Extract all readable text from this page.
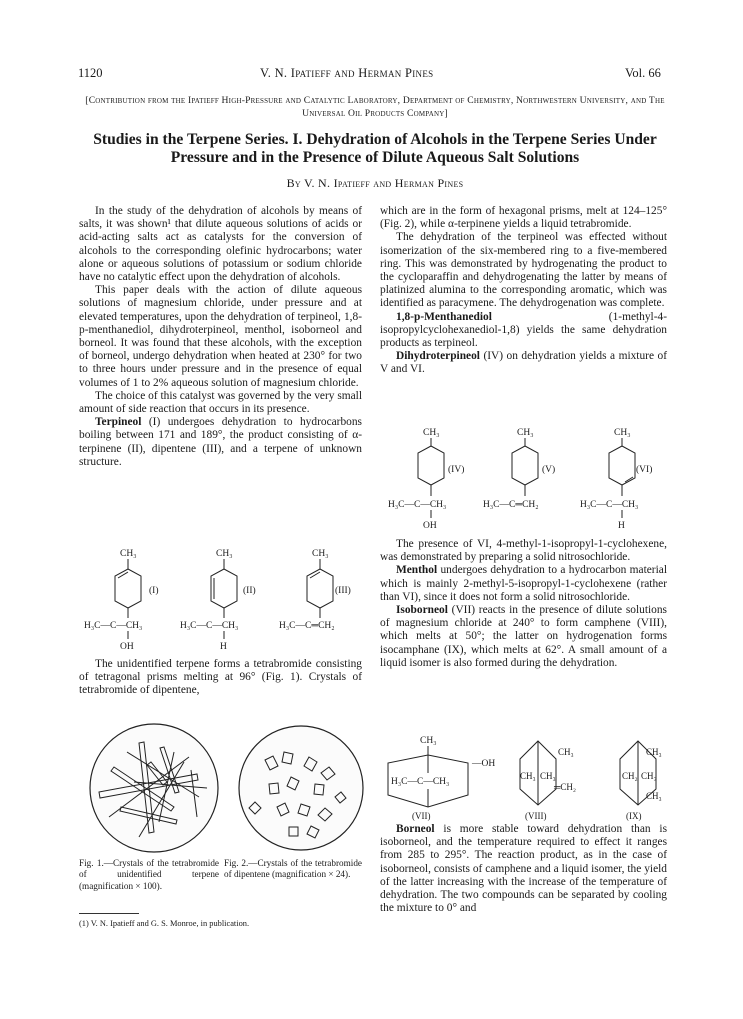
1120	V. N. Ipatieff and Herman Pines	Vol. 66
[Contribution from the Ipatieff High-Pressure and Catalytic Laboratory, Department of Chemistry, Northwestern University, and The Universal Oil Products Company]
Studies in the Terpene Series. I. Dehydration of Alcohols in the Terpene Series Under Pressure and in the Presence of Dilute Aqueous Salt Solutions
By V. N. Ipatieff and Herman Pines

In the study of the dehydration of alcohols by means of salts, it was shown¹ that dilute aqueous solutions of acids or acid-acting salts act as catalysts for the conversion of alcohols to the corresponding olefinic hydrocarbons; water alone or aqueous solutions of potassium or sodium chloride have no catalytic effect upon the dehydration of alcohols.

This paper deals with the action of dilute aqueous solutions of magnesium chloride, under pressure and at elevated temperatures, upon the dehydration of terpineol, 1,8-p-menthanediol, dihydroterpineol, menthol, isoborneol and borneol. It was found that these alcohols, with the exception of borneol, undergo dehydration when heated at 230° for two to three hours under pressure and in the presence of equal volumes of 1 to 2% aqueous solution of magnesium chloride.

The choice of this catalyst was governed by the very small amount of side reaction that occurs in its presence.

Terpineol (I) undergoes dehydration to hydrocarbons boiling between 171 and 189°, the product consisting of α-terpinene (II), dipentene (III), and a terpene of unknown structure.

CH₃
(I)
H₃C—C—CH₃
OH
CH₃
(II)
H₃C—C—CH₃
H
CH₃
(III)
H₃C—C═CH₂

The unidentified terpene forms a tetrabromide consisting of tetragonal prisms melting at 96° (Fig. 1). Crystals of tetrabromide of dipentene,

Fig. 1.—Crystals of the tetrabromide of unidentified terpene (magnification × 100).
Fig. 2.—Crystals of the tetrabromide of dipentene (magnification × 24).
(1) V. N. Ipatieff and G. S. Monroe, in publication.

which are in the form of hexagonal prisms, melt at 124–125° (Fig. 2), while α-terpinene yields a liquid tetrabromide.

The dehydration of the terpineol was effected without isomerization of the six-membered ring to a five-membered ring. This was demonstrated by hydrogenating the product to the cycloparaffin and dehydrogenating the latter by means of platinized alumina to the corresponding aromatic, which was identified as paracymene. The dehydrogenation was complete.

1,8-p-Menthanediol (1-methyl-4-isopropylcyclohexanediol-1,8) yields the same dehydration products as terpineol.

Dihydroterpineol (IV) on dehydration yields a mixture of V and VI.

CH₃
(IV)
H₃C—C—CH₃
OH
CH₃
(V)
H₃C—C═CH₂
CH₃
(VI)
H₃C—C—CH₃
H

The presence of VI, 4-methyl-1-isopropyl-1-cyclohexene, was demonstrated by preparing a solid nitrosochloride.

Menthol undergoes dehydration to a hydrocarbon material which is mainly 2-methyl-5-isopropyl-1-cyclohexene (rather than VI), since it does not form a solid nitrosochloride.

Isoborneol (VII) reacts in the presence of dilute solutions of magnesium chloride at 240° to form camphene (VIII), which melts at 50°; the latter on hydrogenation forms isocamphane (IX), which melts at 62°. A small amount of a liquid isomer is also formed during the dehydration.

CH₃
—OH
H₃C—C—CH₃
(VII)
CH₃
CH₃ CH₃
═CH₂
(VIII)
CH₃
CH₂ CH₃
CH₃
(IX)

Borneol is more stable toward dehydration than is isoborneol, and the temperature required to effect it ranges from 285 to 295°. The reaction product, as in the case of isoborneol, consists of camphene and a liquid isomer, the yield of the latter increasing with the increase of the temperature of dehydration. The two compounds can be separated by cooling the mixture to 0° and
